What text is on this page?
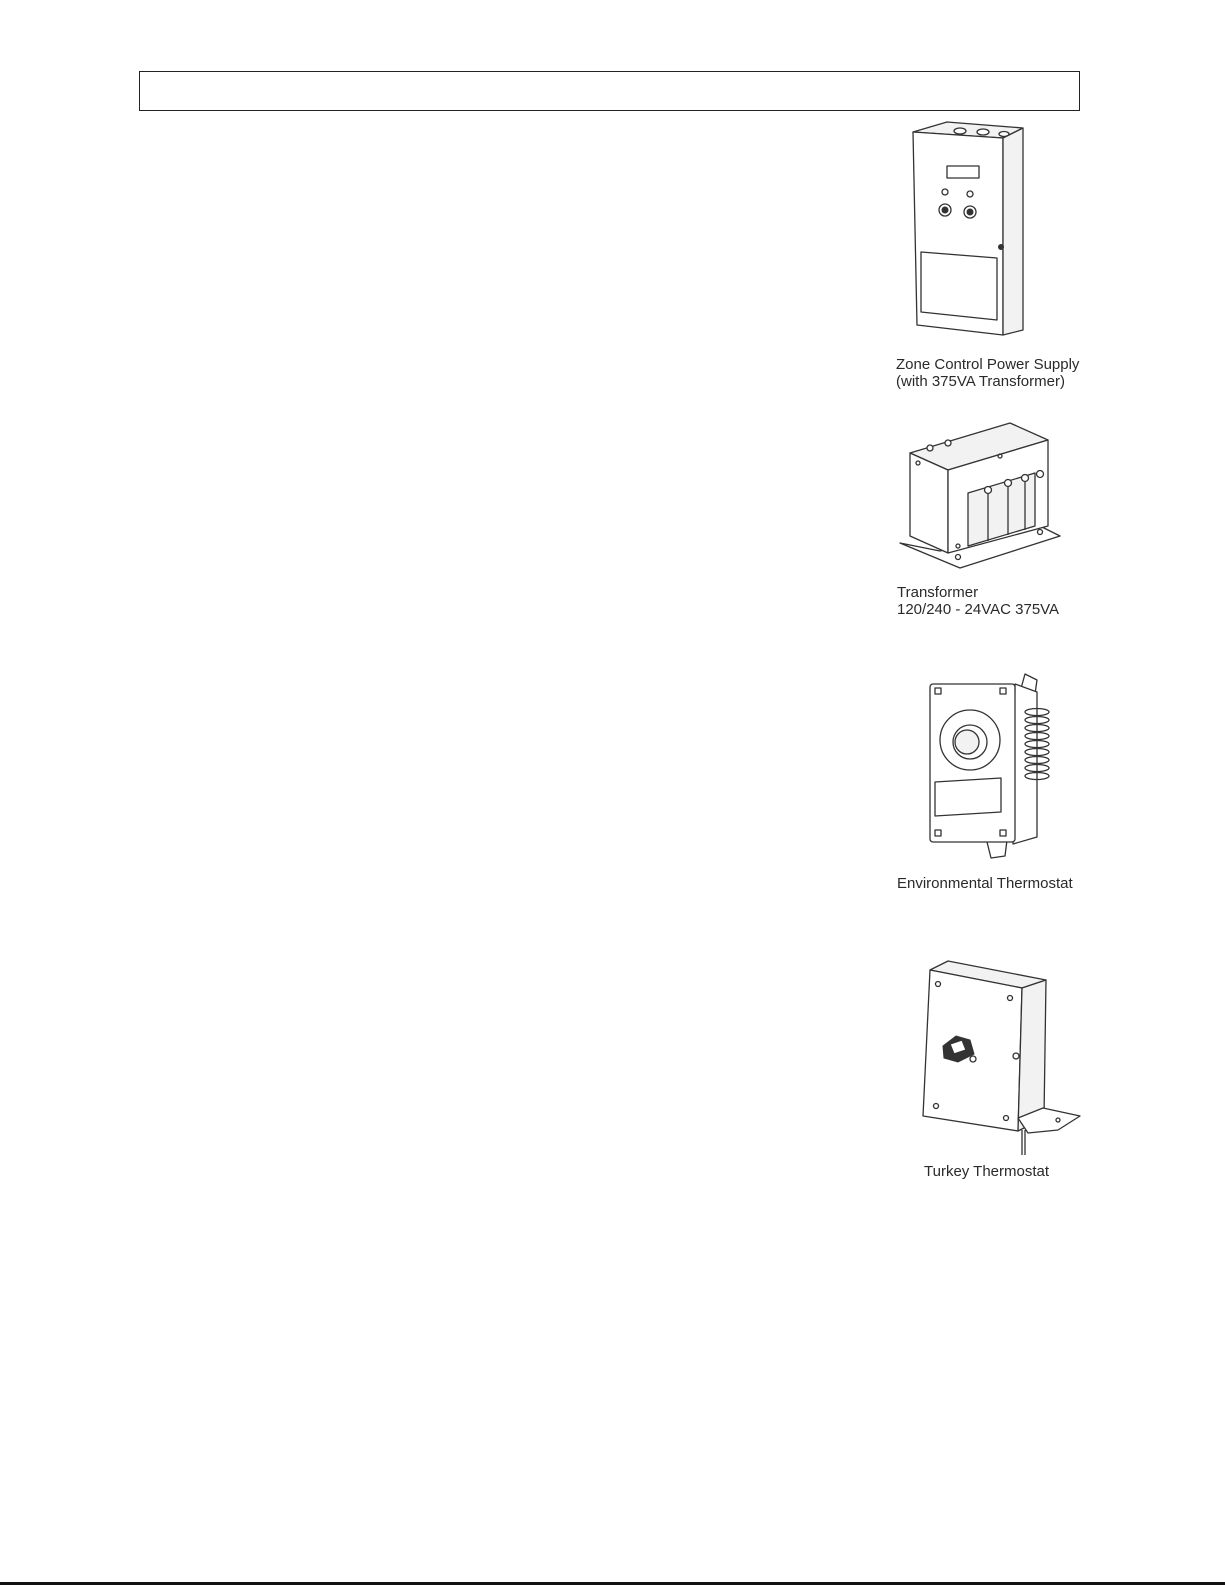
Zone Control Power Supply
(with 375VA Transformer)
Transformer
120/240 - 24VAC 375VA
Environmental Thermostat
Turkey Thermostat
